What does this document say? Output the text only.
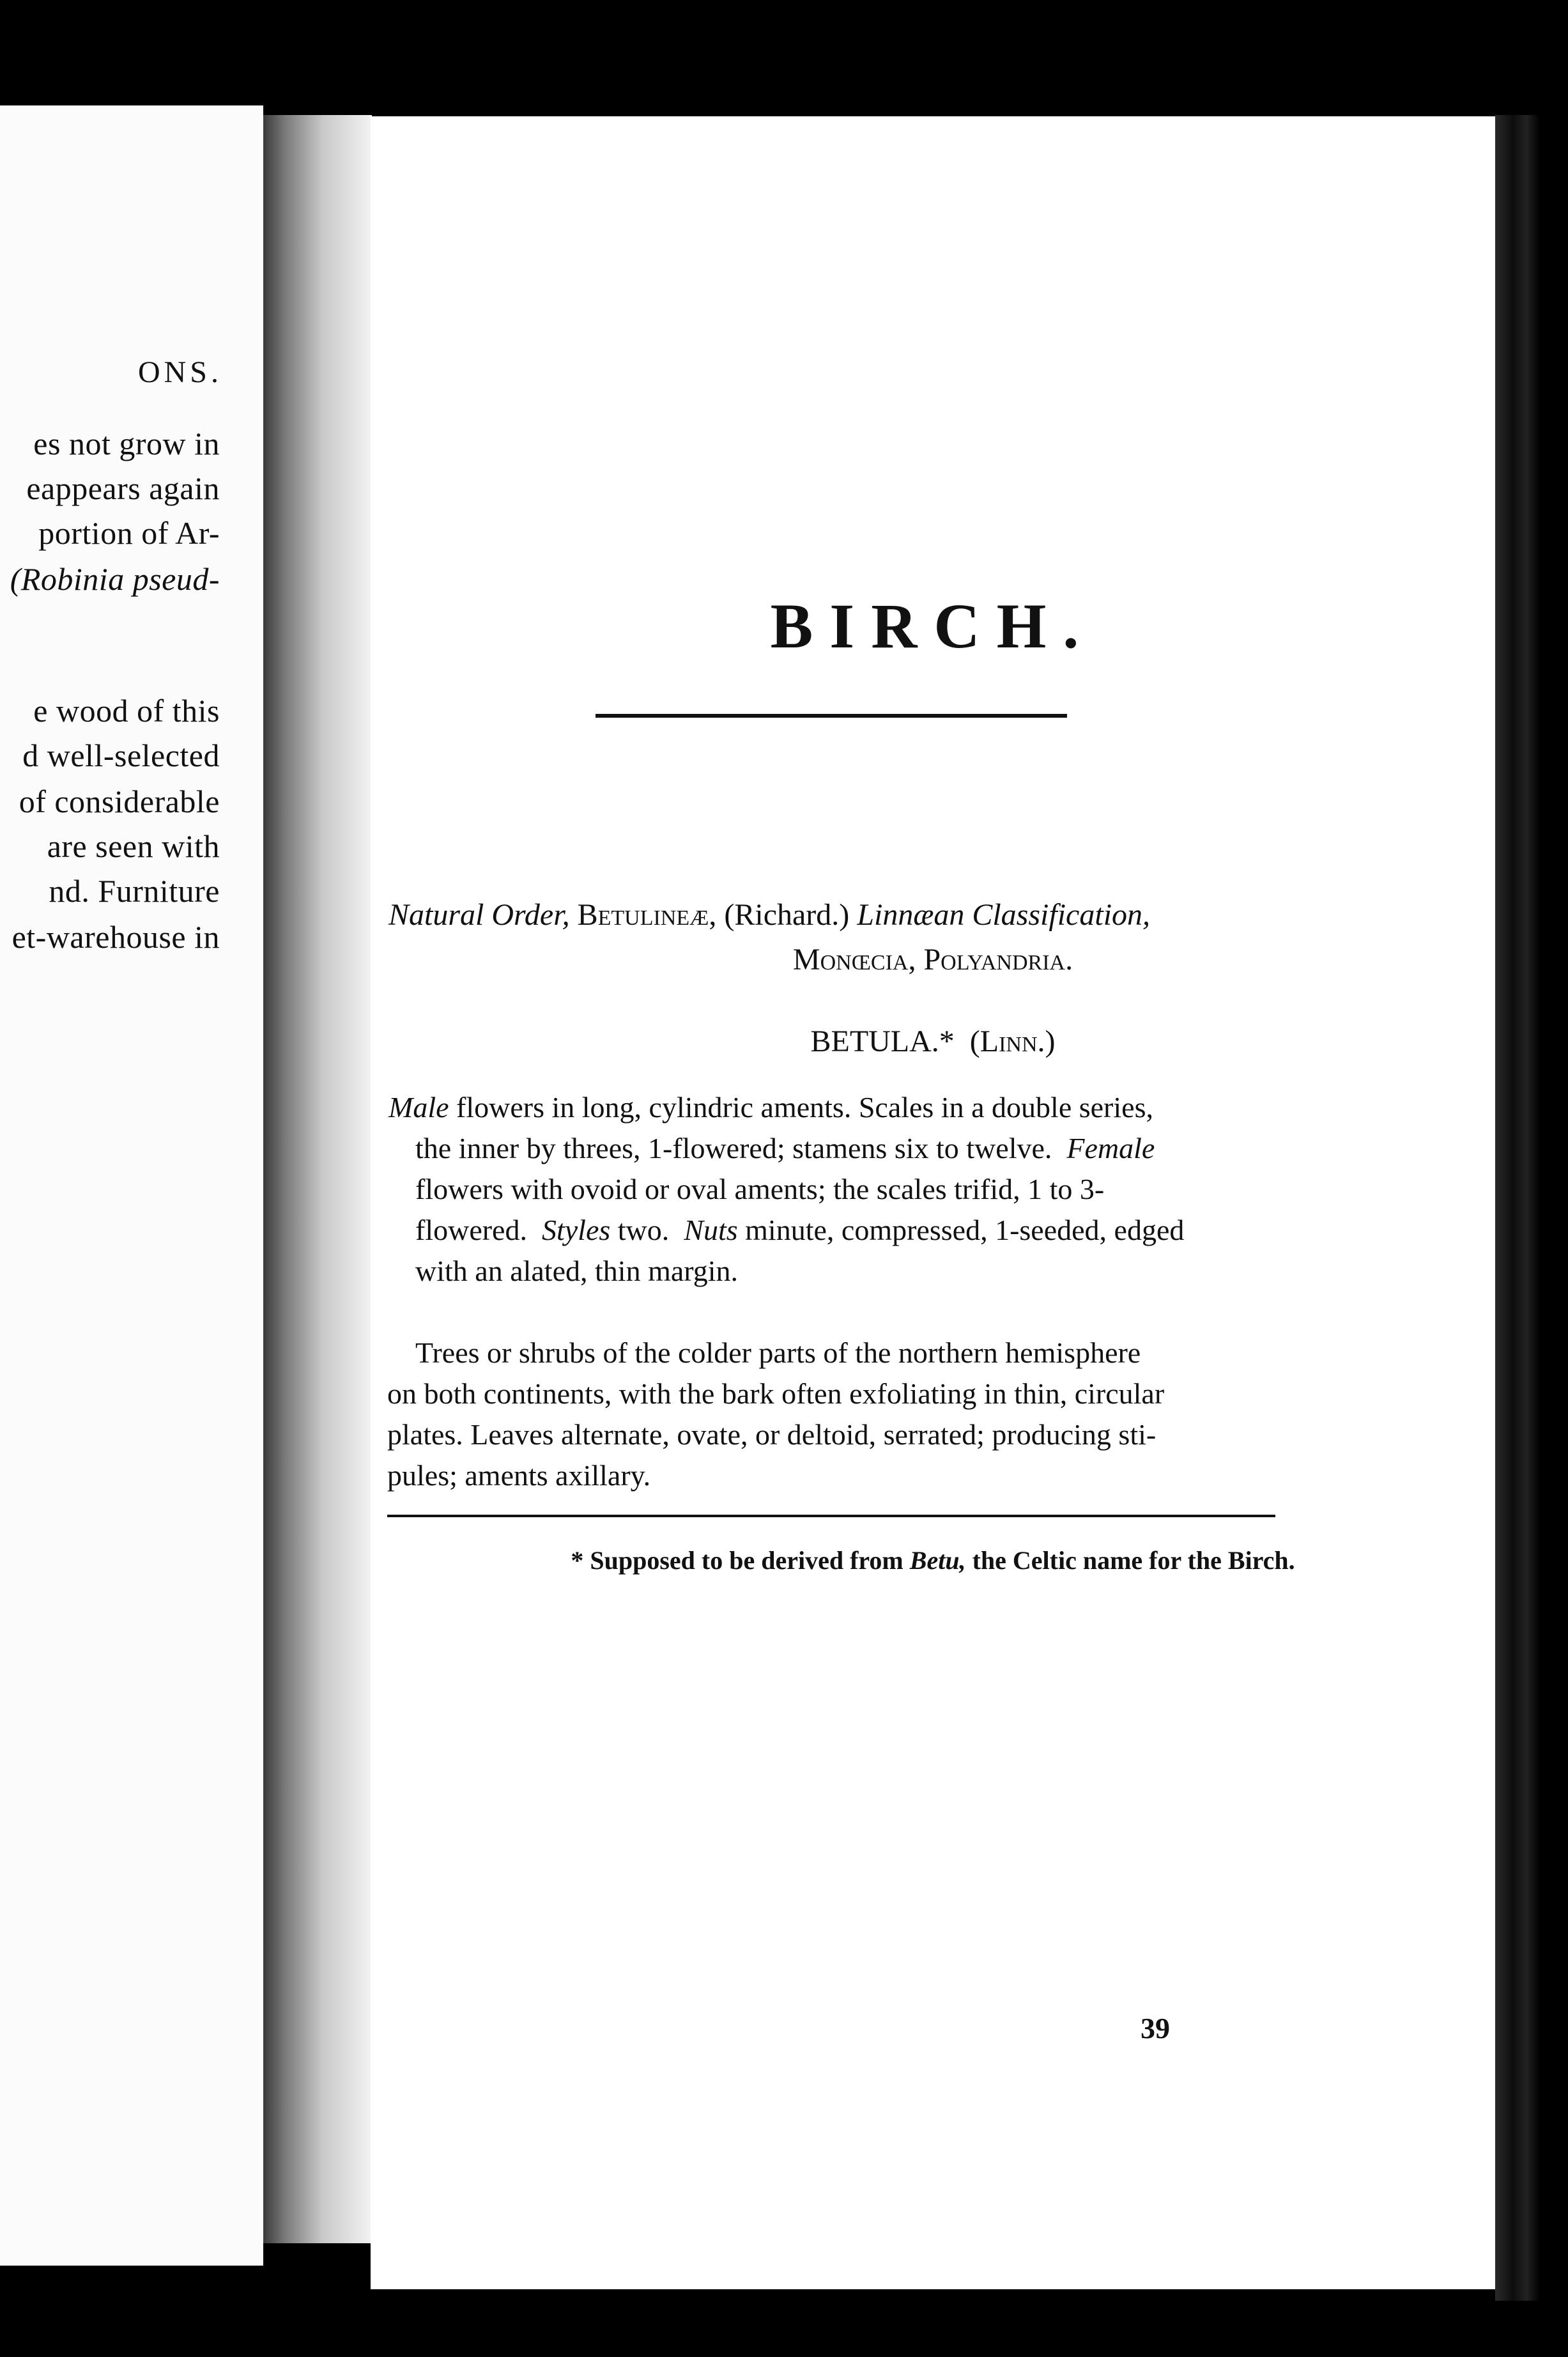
ONS.
es not grow in
eappears again
portion of Ar-
(Robinia pseud-
e wood of this
d well-selected
of considerable
are seen with
nd. Furniture
et-warehouse in
BIRCH.
Natural Order, Betulineæ, (Richard.) Linnæan Classification,
Monœcia, Polyandria.
BETULA.* (Linn.)
Male flowers in long, cylindric aments. Scales in a double series,
the inner by threes, 1-flowered; stamens six to twelve. Female
flowers with ovoid or oval aments; the scales trifid, 1 to 3-
flowered. Styles two. Nuts minute, compressed, 1-seeded, edged
with an alated, thin margin.
Trees or shrubs of the colder parts of the northern hemisphere
on both continents, with the bark often exfoliating in thin, circular
plates. Leaves alternate, ovate, or deltoid, serrated; producing sti-
pules; aments axillary.
* Supposed to be derived from Betu, the Celtic name for the Birch.
39
